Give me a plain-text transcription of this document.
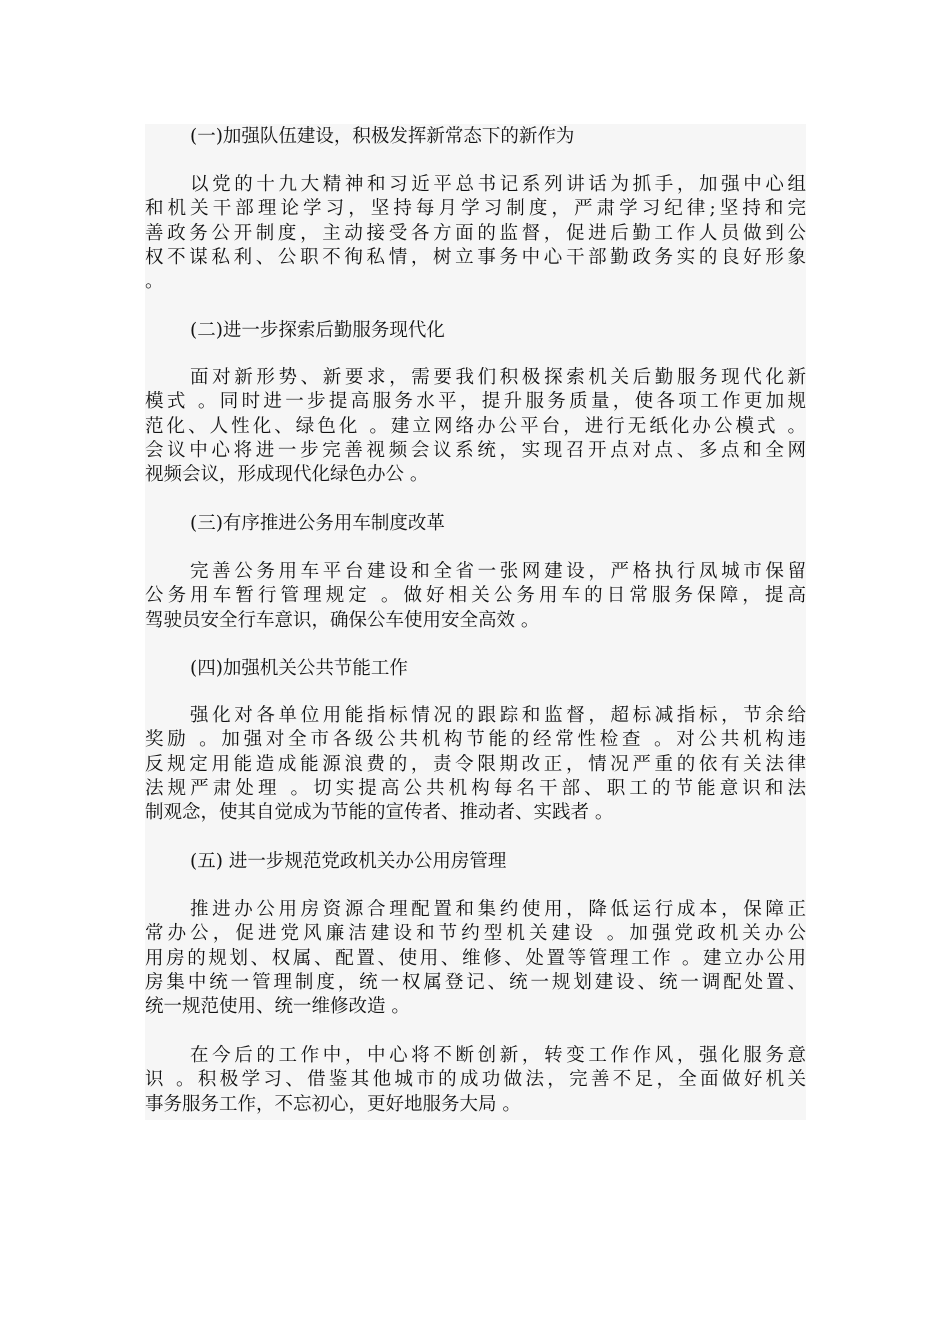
(一)加强队伍建设，积极发挥新常态下的新作为
以党的十九大精神和习近平总书记系列讲话为抓手，加强中心组
和机关干部理论学习，坚持每月学习制度，严肃学习纪律;坚持和完
善政务公开制度，主动接受各方面的监督，促进后勤工作人员做到公
权不谋私利、公职不徇私情，树立事务中心干部勤政务实的良好形象
。
(二)进一步探索后勤服务现代化
面对新形势、新要求，需要我们积极探索机关后勤服务现代化新
模式 。同时进一步提高服务水平，提升服务质量，使各项工作更加规
范化、人性化、绿色化 。建立网络办公平台，进行无纸化办公模式 。
会议中心将进一步完善视频会议系统，实现召开点对点、多点和全网
视频会议，形成现代化绿色办公 。
(三)有序推进公务用车制度改革
完善公务用车平台建设和全省一张网建设，严格执行凤城市保留
公务用车暂行管理规定 。做好相关公务用车的日常服务保障，提高
驾驶员安全行车意识，确保公车使用安全高效 。
(四)加强机关公共节能工作
强化对各单位用能指标情况的跟踪和监督，超标减指标，节余给
奖励 。加强对全市各级公共机构节能的经常性检查 。对公共机构违
反规定用能造成能源浪费的，责令限期改正，情况严重的依有关法律
法规严肃处理 。切实提高公共机构每名干部、职工的节能意识和法
制观念，使其自觉成为节能的宣传者、推动者、实践者 。
(五) 进一步规范党政机关办公用房管理
推进办公用房资源合理配置和集约使用，降低运行成本，保障正
常办公，促进党风廉洁建设和节约型机关建设 。加强党政机关办公
用房的规划、权属、配置、使用、维修、处置等管理工作 。建立办公用
房集中统一管理制度，统一权属登记、统一规划建设、统一调配处置、
统一规范使用、统一维修改造 。
在今后的工作中，中心将不断创新，转变工作作风，强化服务意
识 。积极学习、借鉴其他城市的成功做法，完善不足，全面做好机关
事务服务工作，不忘初心，更好地服务大局 。
